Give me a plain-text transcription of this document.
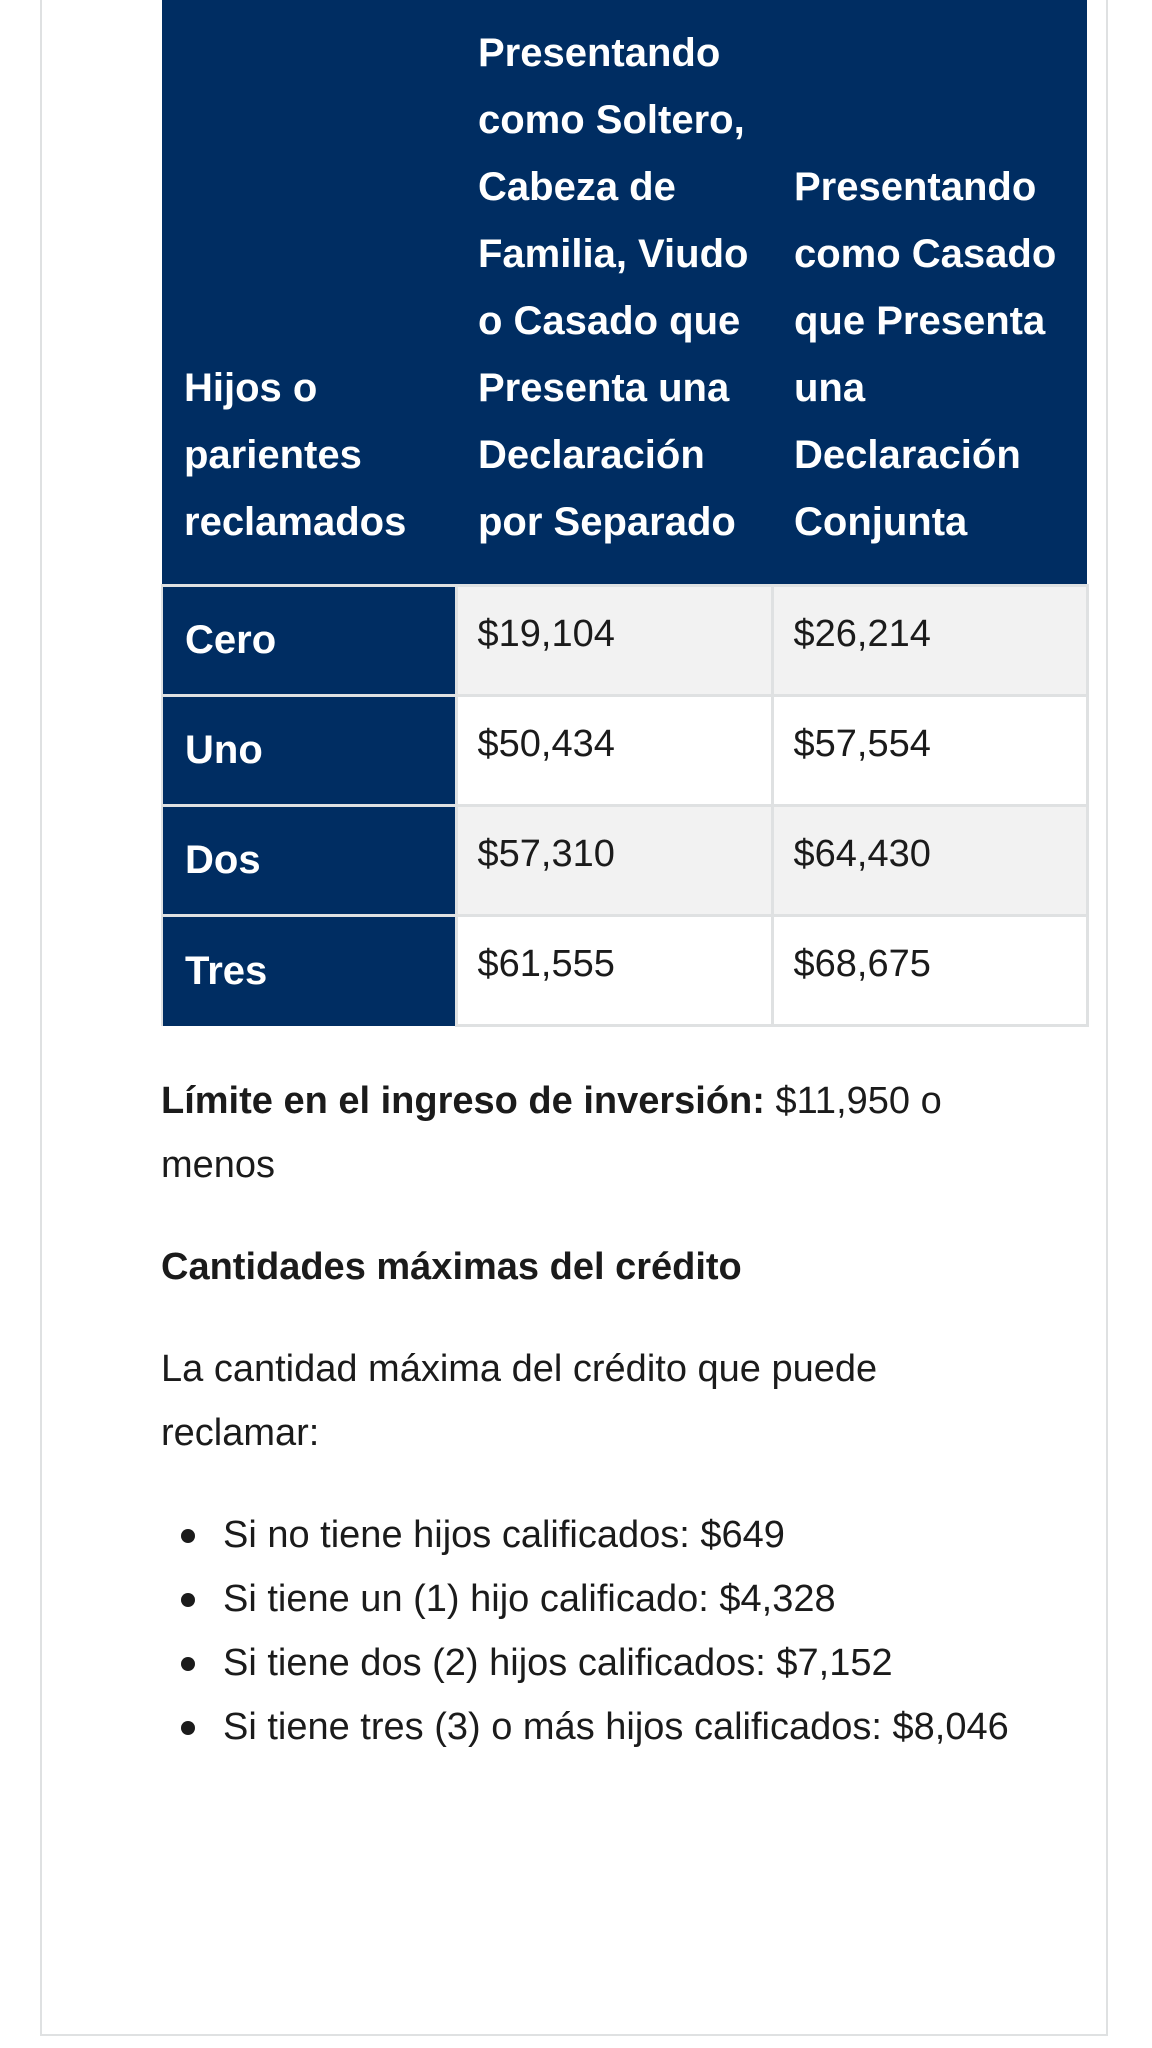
Hijos o parientes reclamados	Presentando como Soltero, Cabeza de Familia, Viudo o Casado que Presenta una Declaración por Separado	Presentando como Casado que Presenta una Declaración Conjunta
Cero	$19,104	$26,214
Uno	$50,434	$57,554
Dos	$57,310	$64,430
Tres	$61,555	$68,675

Límite en el ingreso de inversión: $11,950 o menos

Cantidades máximas del crédito

La cantidad máxima del crédito que puede reclamar:

Si no tiene hijos calificados: $649
Si tiene un (1) hijo calificado: $4,328
Si tiene dos (2) hijos calificados: $7,152
Si tiene tres (3) o más hijos calificados: $8,046
